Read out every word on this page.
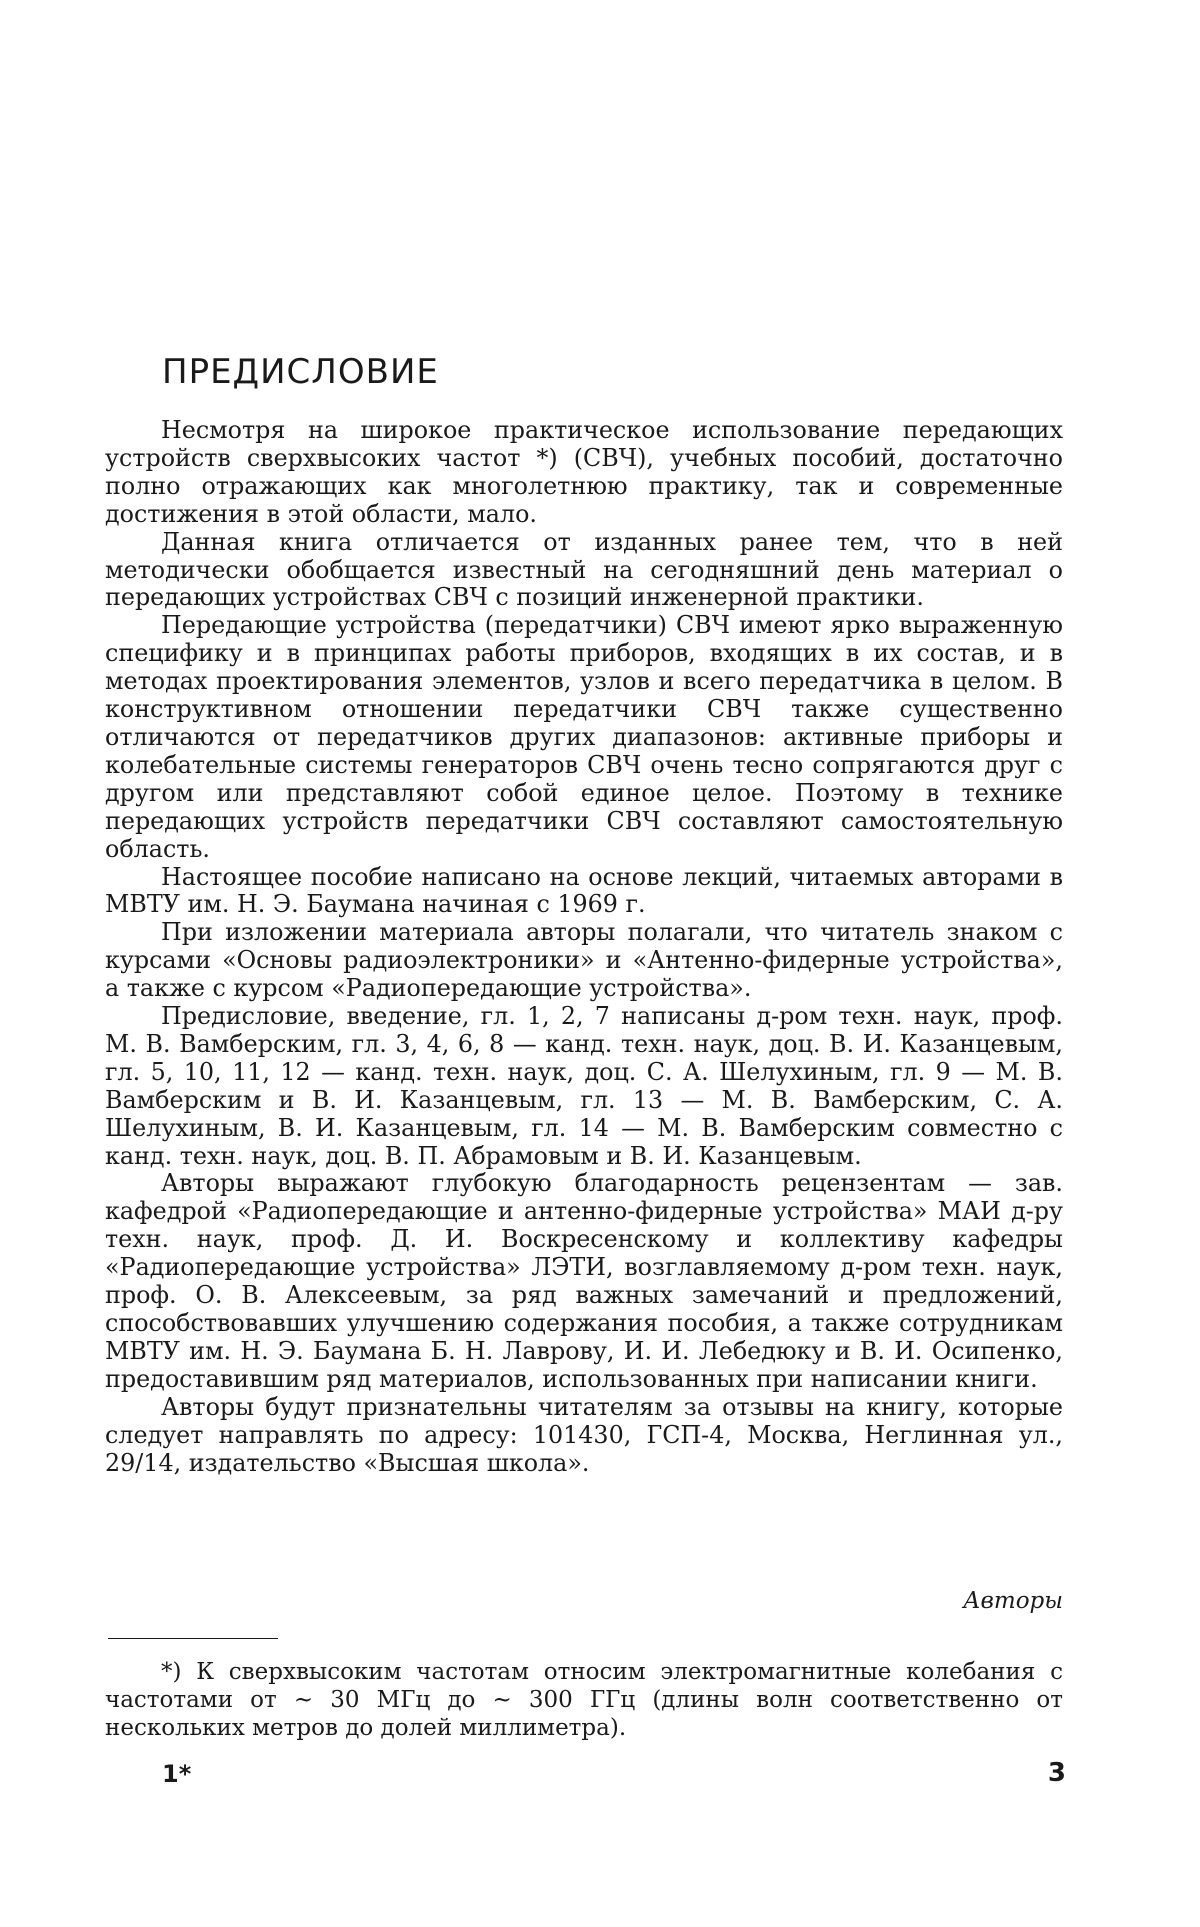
ПРЕДИСЛОВИЕ

Несмотря на широкое практическое использование передающих устройств сверхвысоких частот *) (СВЧ), учебных пособий, достаточно полно отражающих как многолетнюю практику, так и современные достижения в этой области, мало.

Данная книга отличается от изданных ранее тем, что в ней методически обобщается известный на сегодняшний день материал о передающих устройствах СВЧ с позиций инженерной практики.

Передающие устройства (передатчики) СВЧ имеют ярко выраженную специфику и в принципах работы приборов, входящих в их состав, и в методах проектирования элементов, узлов и всего передатчика в целом. В конструктивном отношении передатчики СВЧ также существенно отличаются от передатчиков других диапазонов: активные приборы и колебательные системы генераторов СВЧ очень тесно сопрягаются друг с другом или представляют собой единое целое. Поэтому в технике передающих устройств передатчики СВЧ составляют самостоятельную область.

Настоящее пособие написано на основе лекций, читаемых авторами в МВТУ им. Н. Э. Баумана начиная с 1969 г.

При изложении материала авторы полагали, что читатель знаком с курсами «Основы радиоэлектроники» и «Антенно-фидерные устройства», а также с курсом «Радиопередающие устройства».

Предисловие, введение, гл. 1, 2, 7 написаны д-ром техн. наук, проф. М. В. Вамберским, гл. 3, 4, 6, 8 — канд. техн. наук, доц. В. И. Казанцевым, гл. 5, 10, 11, 12 — канд. техн. наук, доц. С. А. Шелухиным, гл. 9 — М. В. Вамберским и В. И. Казанцевым, гл. 13 — М. В. Вамберским, С. А. Шелухиным, В. И. Казанцевым, гл. 14 — М. В. Вамберским совместно с канд. техн. наук, доц. В. П. Абрамовым и В. И. Казанцевым.

Авторы выражают глубокую благодарность рецензентам — зав. кафедрой «Радиопередающие и антенно-фидерные устройства» МАИ д-ру техн. наук, проф. Д. И. Воскресенскому и коллективу кафедры «Радиопередающие устройства» ЛЭТИ, возглавляемому д-ром техн. наук, проф. О. В. Алексеевым, за ряд важных замечаний и предложений, способствовавших улучшению содержания пособия, а также сотрудникам МВТУ им. Н. Э. Баумана Б. Н. Лаврову, И. И. Лебедюку и В. И. Осипенко, предоставившим ряд материалов, использованных при написании книги.

Авторы будут признательны читателям за отзывы на книгу, которые следует направлять по адресу: 101430, ГСП-4, Москва, Неглинная ул., 29/14, издательство «Высшая школа».

Авторы

*) К сверхвысоким частотам относим электромагнитные колебания с частотами от ~ 30 МГц до ~ 300 ГГц (длины волн соответственно от нескольких метров до долей миллиметра).

1*	3
